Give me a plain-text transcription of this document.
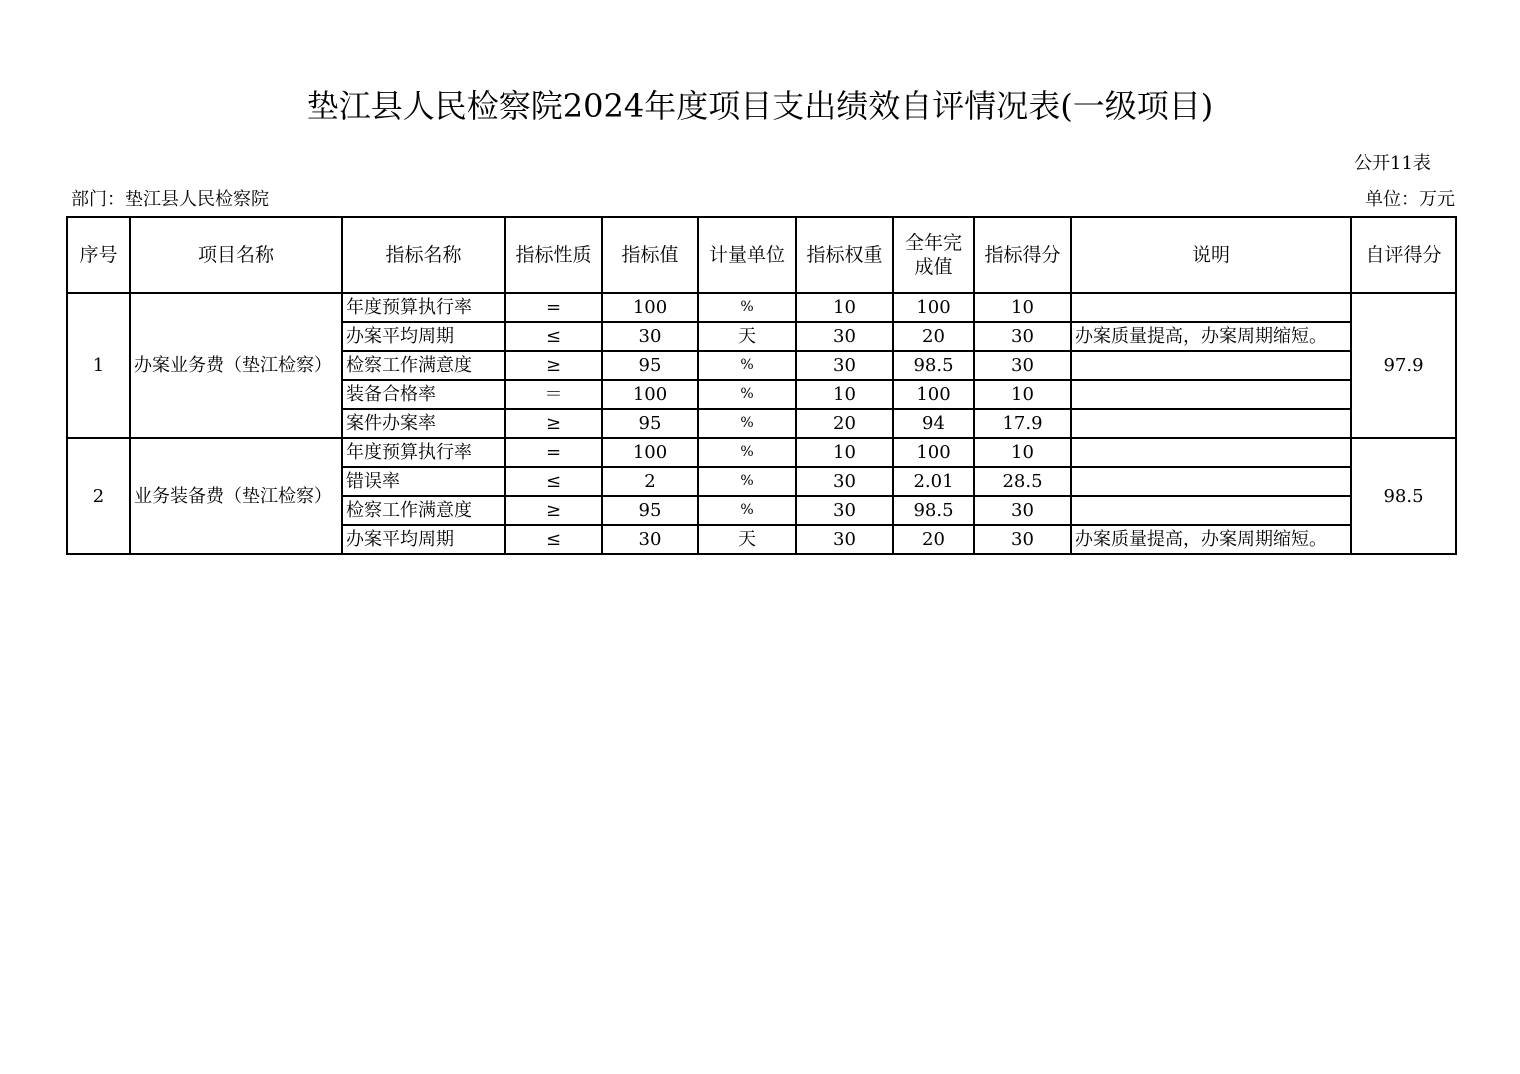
垫江县人民检察院2024年度项目支出绩效自评情况表(一级项目)
公开11表
部门：垫江县人民检察院	单位：万元
序号	项目名称	指标名称	指标性质	指标值	计量单位	指标权重	全年完
成值	指标得分	说明	自评得分
1	办案业务费（垫江检察）	年度预算执行率	=	100	%	10	100	10		97.9
		办案平均周期	≤	30	天	30	20	30	办案质量提高，办案周期缩短。	
		检察工作满意度	≥	95	%	30	98.5	30		
		装备合格率	＝	100	%	10	100	10		
		案件办案率	≥	95	%	20	94	17.9		
2	业务装备费（垫江检察）	年度预算执行率	=	100	%	10	100	10		98.5
		错误率	≤	2	%	30	2.01	28.5		
		检察工作满意度	≥	95	%	30	98.5	30		
		办案平均周期	≤	30	天	30	20	30	办案质量提高，办案周期缩短。	
